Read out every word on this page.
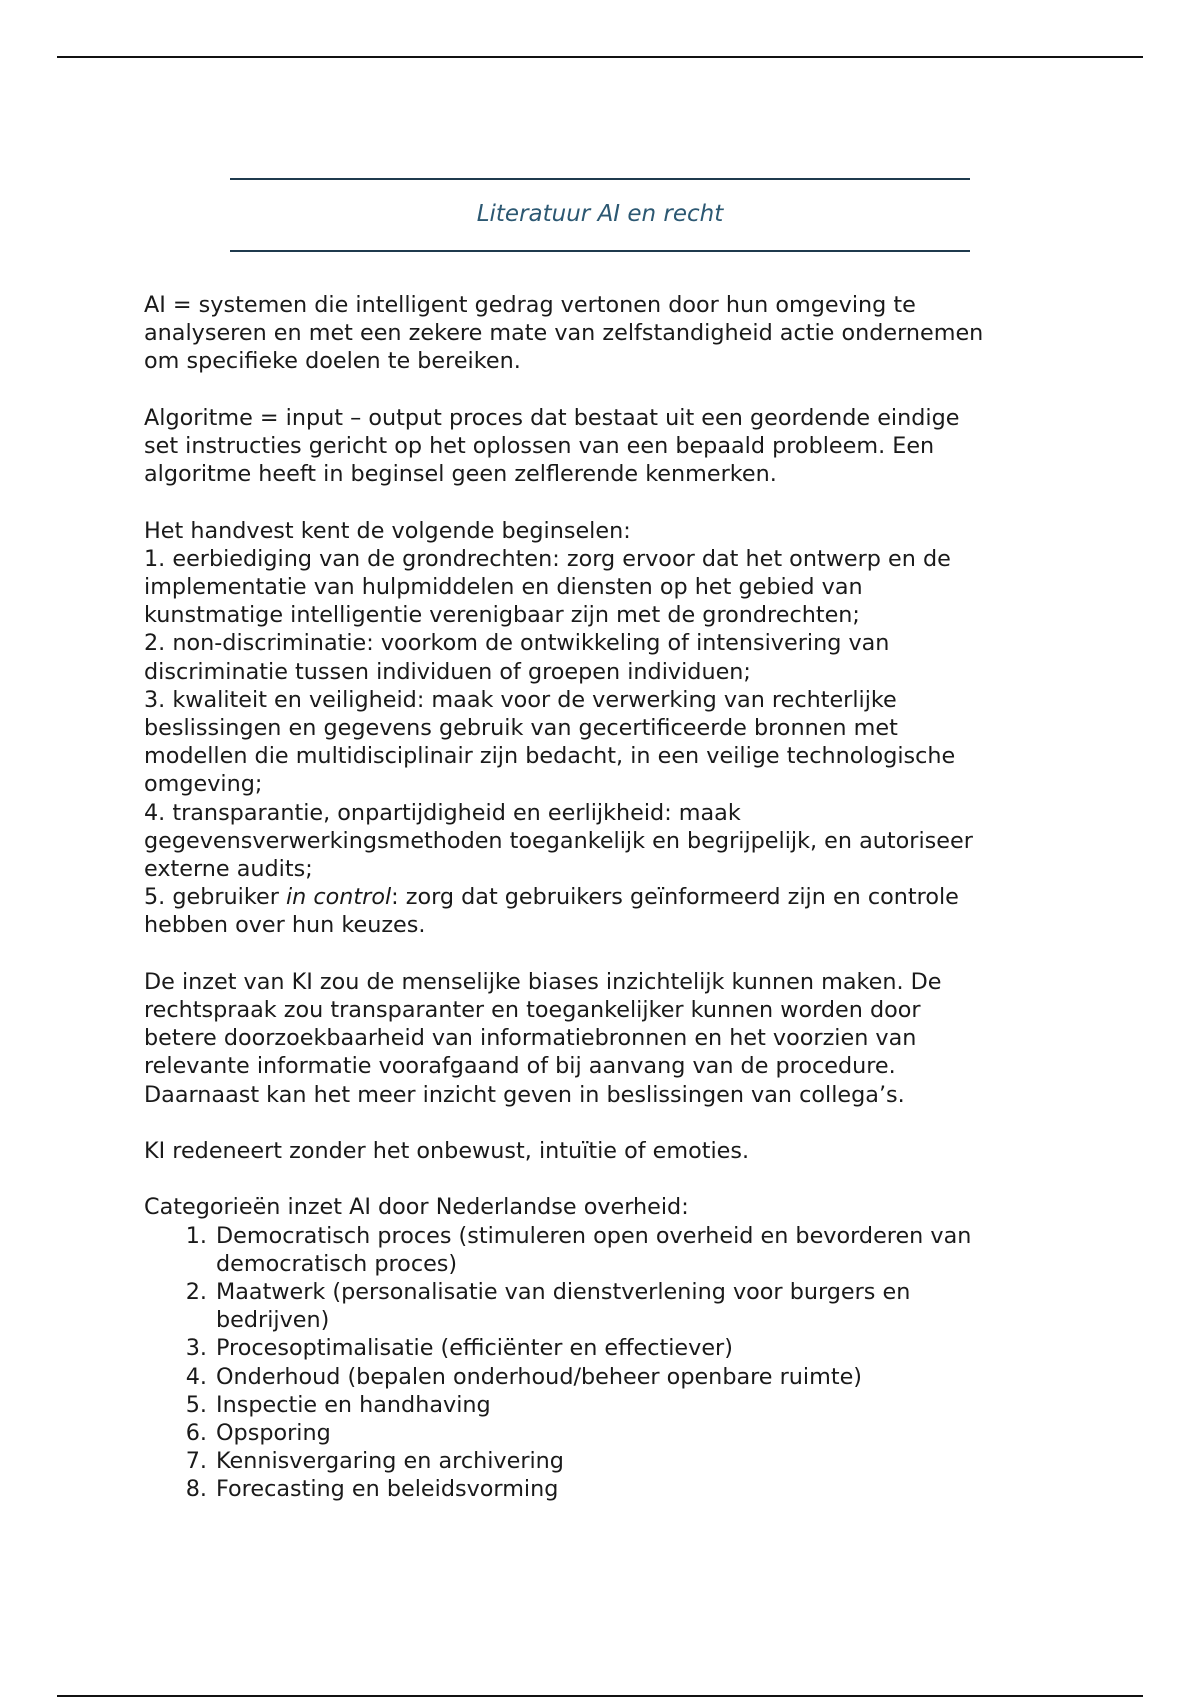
Literatuur AI en recht

AI = systemen die intelligent gedrag vertonen door hun omgeving te
analyseren en met een zekere mate van zelfstandigheid actie ondernemen
om specifieke doelen te bereiken.

Algoritme = input – output proces dat bestaat uit een geordende eindige
set instructies gericht op het oplossen van een bepaald probleem. Een
algoritme heeft in beginsel geen zelflerende kenmerken.

Het handvest kent de volgende beginselen:
1. eerbiediging van de grondrechten: zorg ervoor dat het ontwerp en de
implementatie van hulpmiddelen en diensten op het gebied van
kunstmatige intelligentie verenigbaar zijn met de grondrechten;
2. non-discriminatie: voorkom de ontwikkeling of intensivering van
discriminatie tussen individuen of groepen individuen;
3. kwaliteit en veiligheid: maak voor de verwerking van rechterlijke
beslissingen en gegevens gebruik van gecertificeerde bronnen met
modellen die multidisciplinair zijn bedacht, in een veilige technologische
omgeving;
4. transparantie, onpartijdigheid en eerlijkheid: maak
gegevensverwerkingsmethoden toegankelijk en begrijpelijk, en autoriseer
externe audits;
5. gebruiker in control: zorg dat gebruikers geïnformeerd zijn en controle
hebben over hun keuzes.

De inzet van KI zou de menselijke biases inzichtelijk kunnen maken. De
rechtspraak zou transparanter en toegankelijker kunnen worden door
betere doorzoekbaarheid van informatiebronnen en het voorzien van
relevante informatie voorafgaand of bij aanvang van de procedure.
Daarnaast kan het meer inzicht geven in beslissingen van collega’s.

KI redeneert zonder het onbewust, intuïtie of emoties.

Categorieën inzet AI door Nederlandse overheid:
1. Democratisch proces (stimuleren open overheid en bevorderen van
democratisch proces)
2. Maatwerk (personalisatie van dienstverlening voor burgers en
bedrijven)
3. Procesoptimalisatie (efficiënter en effectiever)
4. Onderhoud (bepalen onderhoud/beheer openbare ruimte)
5. Inspectie en handhaving
6. Opsporing
7. Kennisvergaring en archivering
8. Forecasting en beleidsvorming
